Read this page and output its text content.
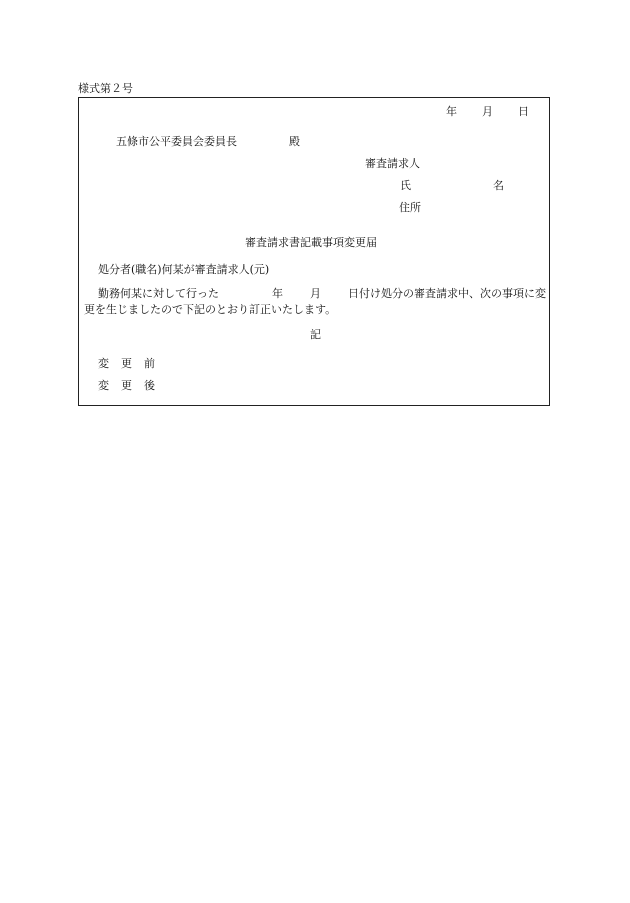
様式第２号
年 月 日
五條市公平委員会委員長	殿
審査請求人
氏	名
住所
審査請求書記載事項変更届
処分者(職名)何某が審査請求人(元)
勤務何某に対して行った	年 月 日付け処分の審査請求中、次の事項に変更を生じましたので下記のとおり訂正いたします。
記
変 更 前
変 更 後
